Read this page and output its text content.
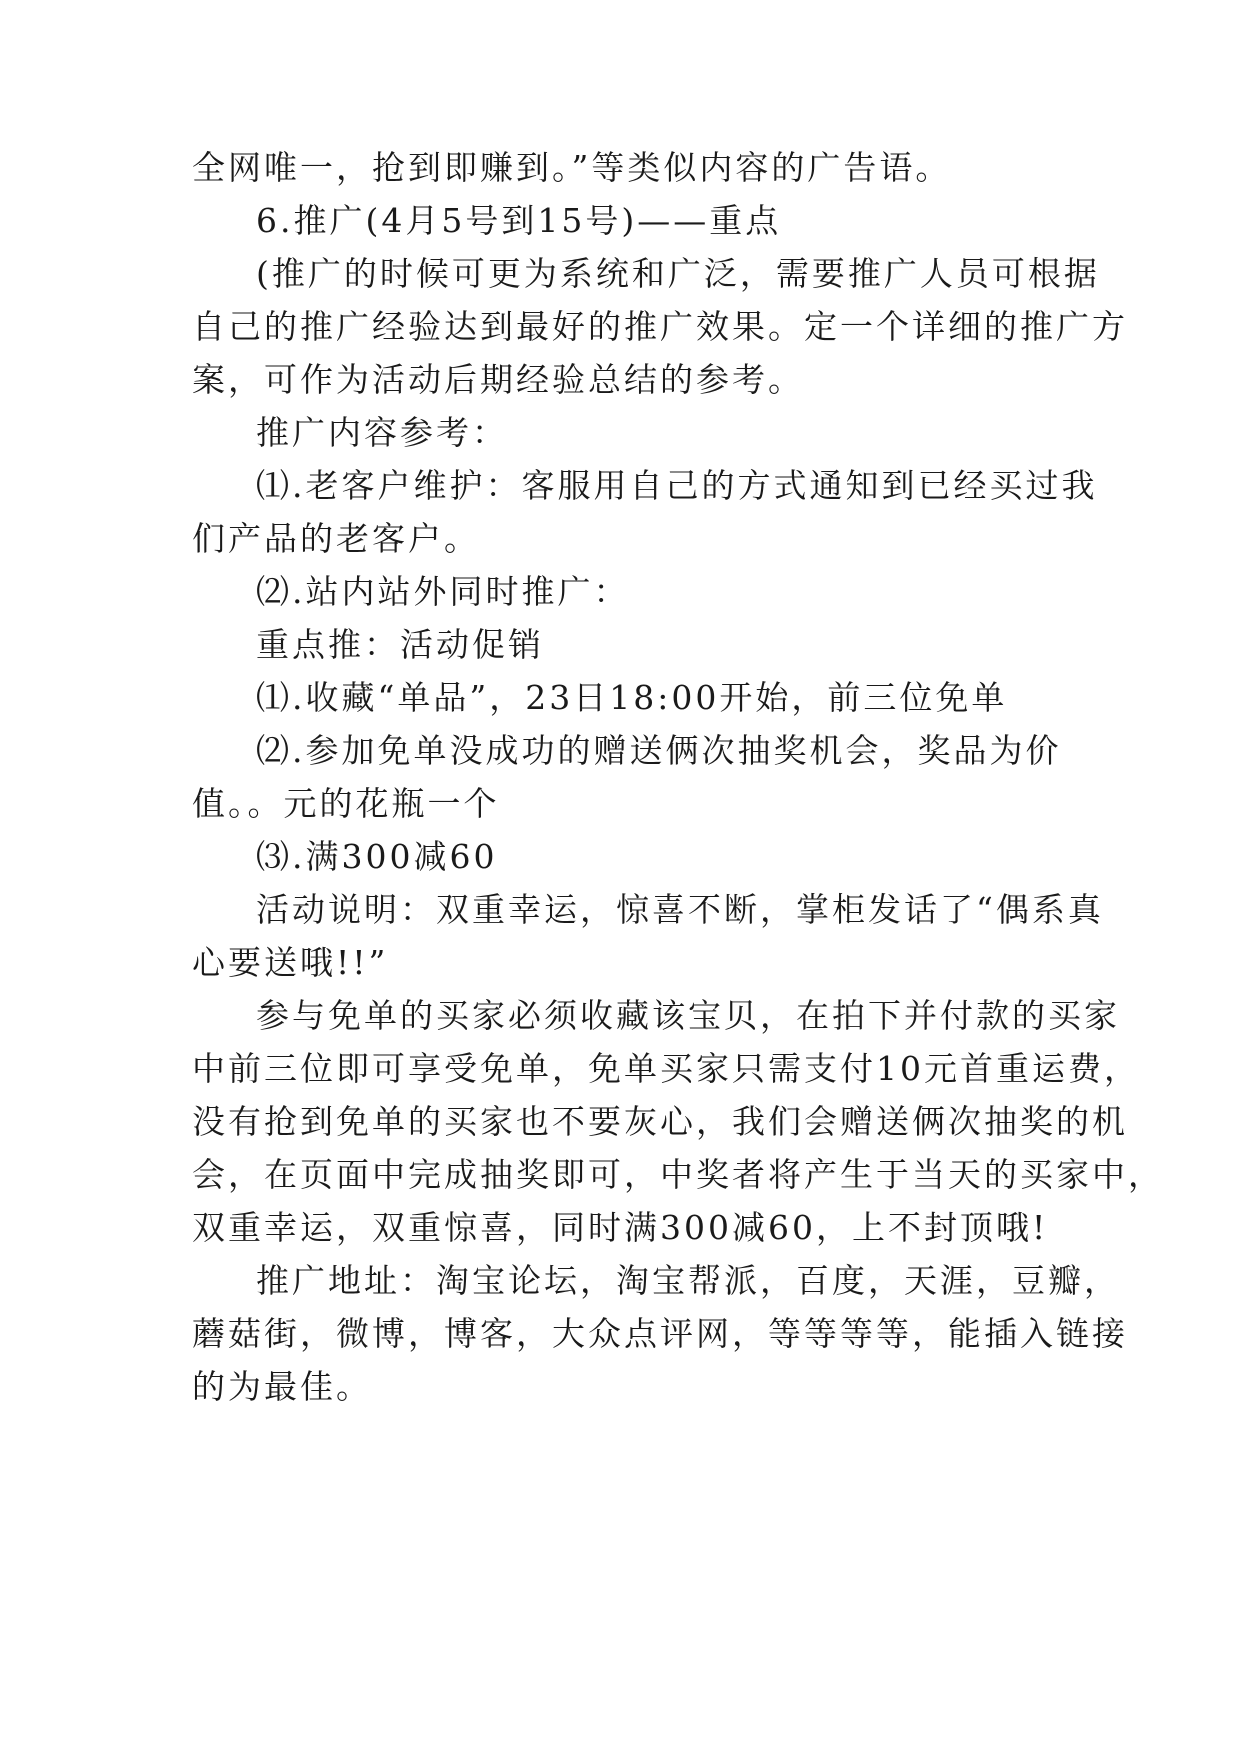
全网唯一，抢到即赚到。”等类似内容的广告语。
6.推广(4月5号到15号)——重点
(推广的时候可更为系统和广泛，需要推广人员可根据
自己的推广经验达到最好的推广效果。定一个详细的推广方
案，可作为活动后期经验总结的参考。
推广内容参考：
⑴.老客户维护：客服用自己的方式通知到已经买过我
们产品的老客户。
⑵.站内站外同时推广：
重点推：活动促销
⑴.收藏“单品”，23日18:00开始，前三位免单
⑵.参加免单没成功的赠送俩次抽奖机会，奖品为价
值。。元的花瓶一个
⑶.满300减60
活动说明：双重幸运，惊喜不断，掌柜发话了“偶系真
心要送哦!!”
参与免单的买家必须收藏该宝贝，在拍下并付款的买家
中前三位即可享受免单，免单买家只需支付10元首重运费，
没有抢到免单的买家也不要灰心，我们会赠送俩次抽奖的机
会，在页面中完成抽奖即可，中奖者将产生于当天的买家中，
双重幸运，双重惊喜，同时满300减60，上不封顶哦!
推广地址：淘宝论坛，淘宝帮派，百度，天涯，豆瓣，
蘑菇街，微博，博客，大众点评网，等等等等，能插入链接
的为最佳。
